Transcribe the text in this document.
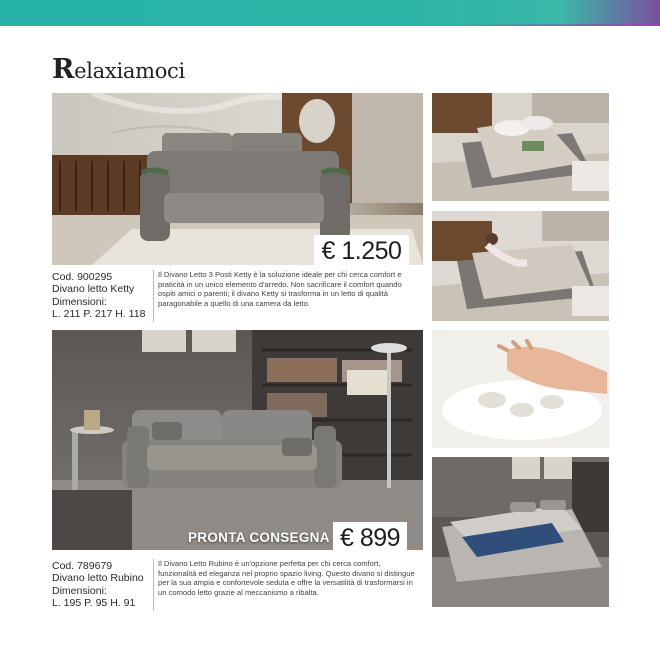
Relaxiamoci
€ 1.250
Cod. 900295
Divano letto Ketty
Dimensioni:
L. 211 P. 217 H. 118
Il Divano Letto 3 Posti Ketty è la soluzione ideale per chi cerca comfort e praticità in un unico elemento d'arredo. Non sacrificare il comfort quando ospiti amici o parenti; il divano Ketty si trasforma in un letto di qualità paragonabile a quello di una camera da letto.
PRONTA CONSEGNA € 899
Cod. 789679
Divano letto Rubino
Dimensioni:
L. 195 P. 95 H. 91
Il Divano Letto Rubino è un'opzione perfetta per chi cerca comfort, funzionalità ed eleganza nel proprio spazio living. Questo divano si distingue per la sua ampia e confortevole seduta e offre la versatilità di trasformarsi in un comodo letto grazie al meccanismo a ribalta.
